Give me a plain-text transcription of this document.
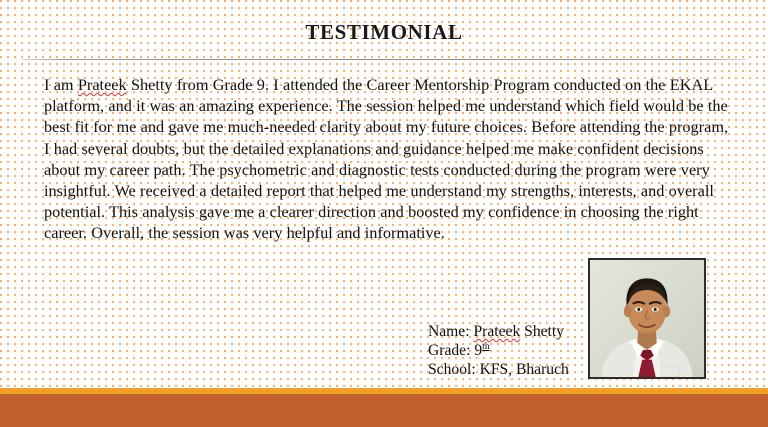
TESTIMONIAL

I am Prateek Shetty from Grade 9. I attended the Career Mentorship Program conducted on the EKAL platform, and it was an amazing experience. The session helped me understand which field would be the best fit for me and gave me much-needed clarity about my future choices. Before attending the program, I had several doubts, but the detailed explanations and guidance helped me make confident decisions about my career path. The psychometric and diagnostic tests conducted during the program were very insightful. We received a detailed report that helped me understand my strengths, interests, and overall potential. This analysis gave me a clearer direction and boosted my confidence in choosing the right career. Overall, the session was very helpful and informative.

Name: Prateek Shetty
Grade: 9th
School: KFS, Bharuch
